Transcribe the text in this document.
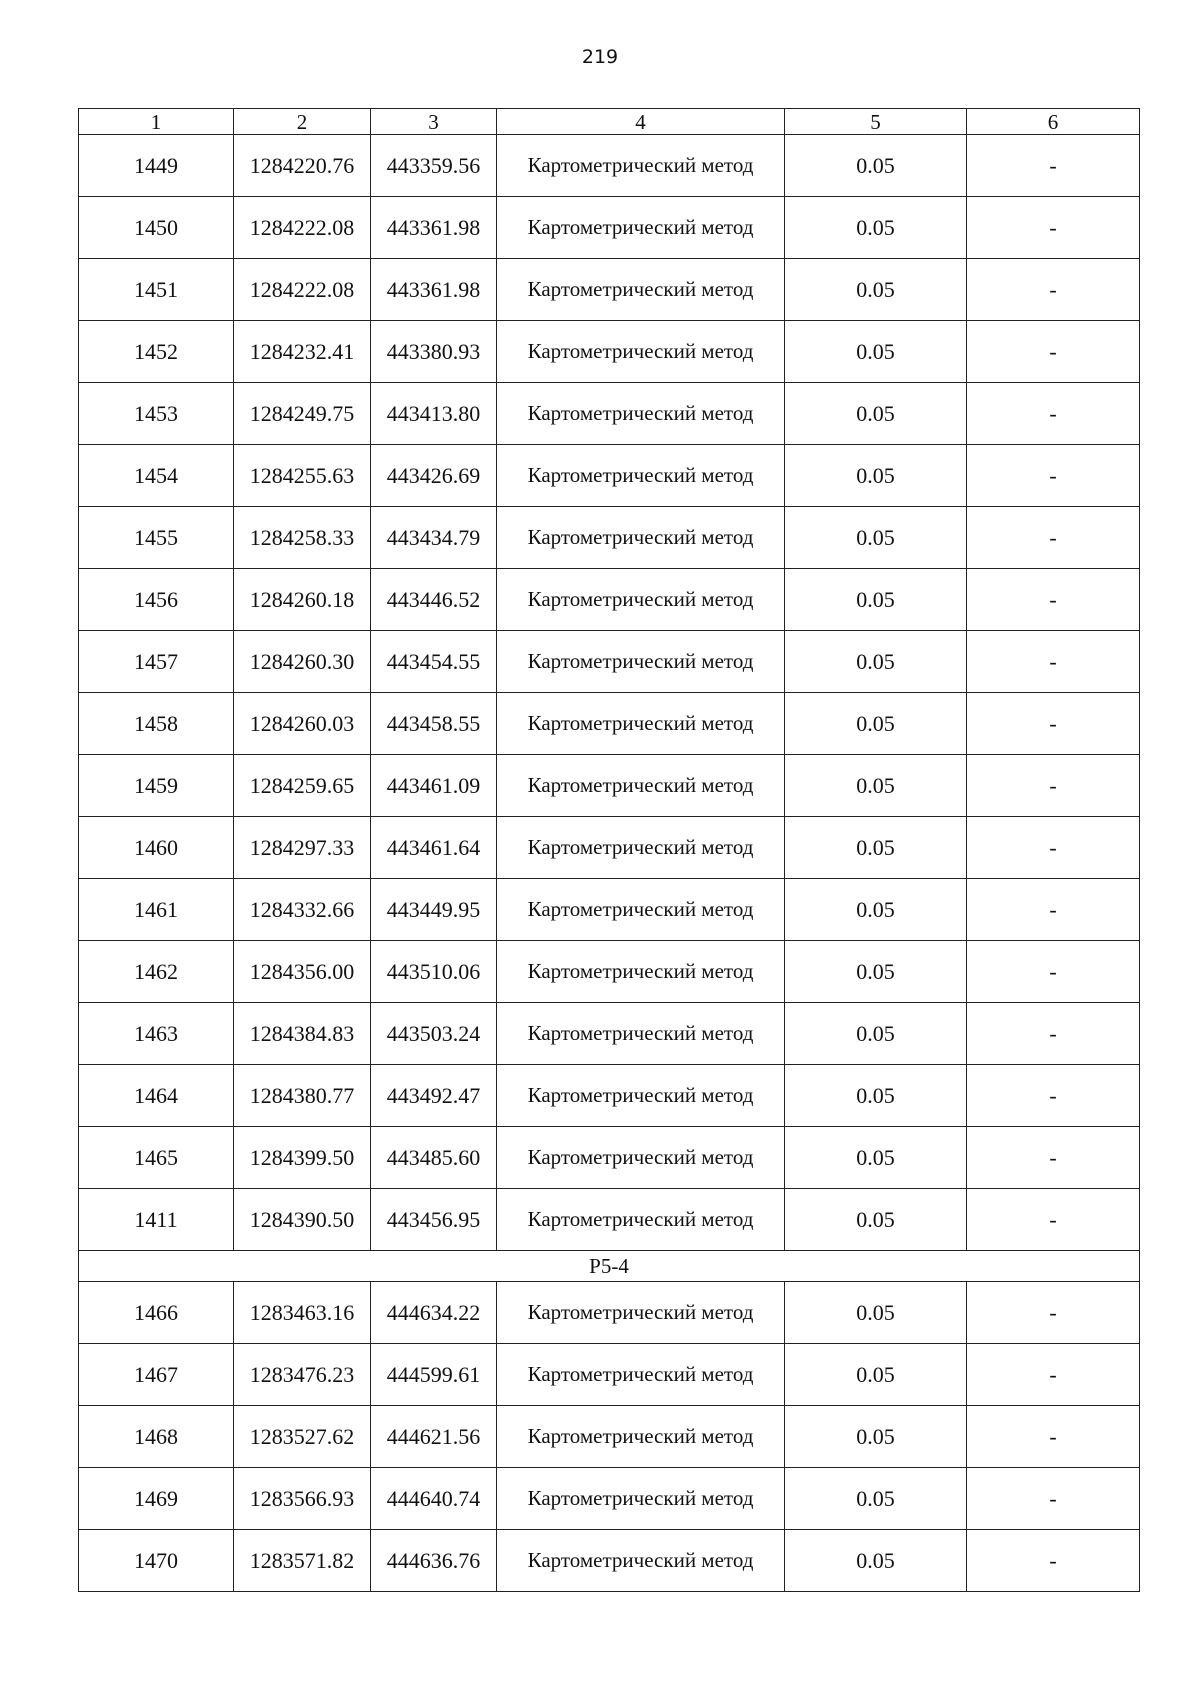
219
1	2	3	4	5	6
1449	1284220.76	443359.56	Картометрический метод	0.05	-
1450	1284222.08	443361.98	Картометрический метод	0.05	-
1451	1284222.08	443361.98	Картометрический метод	0.05	-
1452	1284232.41	443380.93	Картометрический метод	0.05	-
1453	1284249.75	443413.80	Картометрический метод	0.05	-
1454	1284255.63	443426.69	Картометрический метод	0.05	-
1455	1284258.33	443434.79	Картометрический метод	0.05	-
1456	1284260.18	443446.52	Картометрический метод	0.05	-
1457	1284260.30	443454.55	Картометрический метод	0.05	-
1458	1284260.03	443458.55	Картометрический метод	0.05	-
1459	1284259.65	443461.09	Картометрический метод	0.05	-
1460	1284297.33	443461.64	Картометрический метод	0.05	-
1461	1284332.66	443449.95	Картометрический метод	0.05	-
1462	1284356.00	443510.06	Картометрический метод	0.05	-
1463	1284384.83	443503.24	Картометрический метод	0.05	-
1464	1284380.77	443492.47	Картометрический метод	0.05	-
1465	1284399.50	443485.60	Картометрический метод	0.05	-
1411	1284390.50	443456.95	Картометрический метод	0.05	-
Р5-4					
1466	1283463.16	444634.22	Картометрический метод	0.05	-
1467	1283476.23	444599.61	Картометрический метод	0.05	-
1468	1283527.62	444621.56	Картометрический метод	0.05	-
1469	1283566.93	444640.74	Картометрический метод	0.05	-
1470	1283571.82	444636.76	Картометрический метод	0.05	-
